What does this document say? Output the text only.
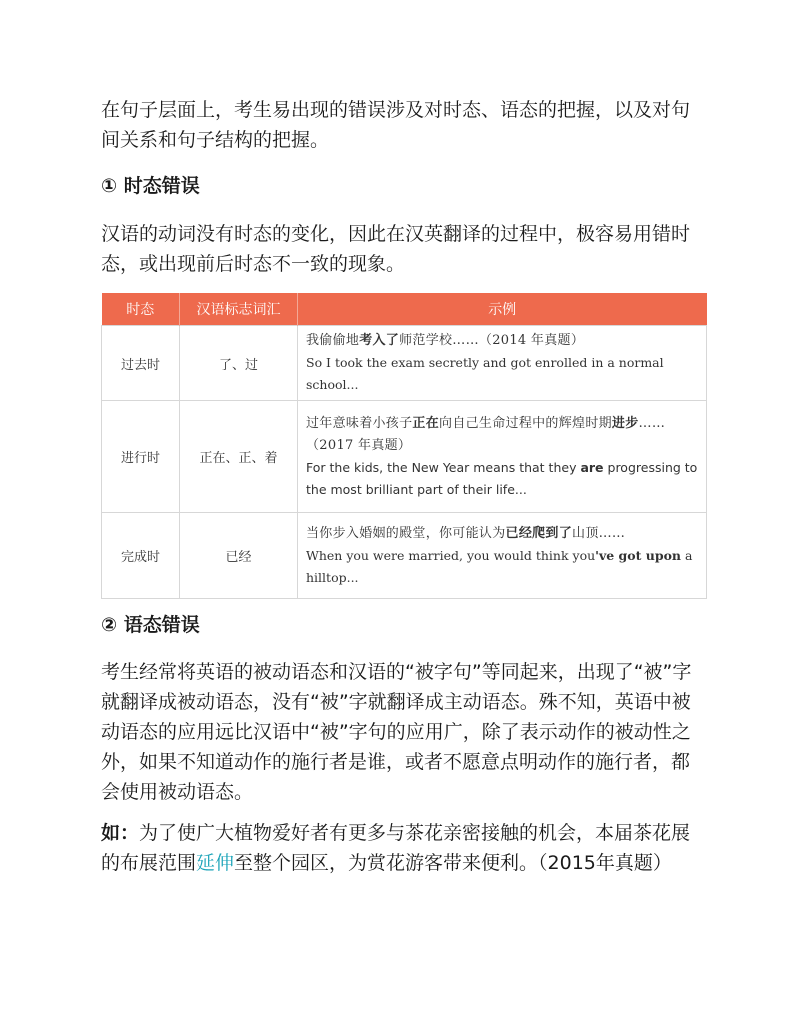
在句子层面上，考生易出现的错误涉及对时态、语态的把握，以及对句间关系和句子结构的把握。

① 时态错误

汉语的动词没有时态的变化，因此在汉英翻译的过程中，极容易用错时态，或出现前后时态不一致的现象。

时态	汉语标志词汇	示例
过去时	了、过	我偷偷地考入了师范学校……（2014 年真题）
So I took the exam secretly and got enrolled in a normal school...

进行时	正在、正、着	过年意味着小孩子正在向自己生命过程中的辉煌时期进步……（2017 年真题）
For the kids, the New Year means that they are progressing to the most brilliant part of their life...

完成时	已经	当你步入婚姻的殿堂，你可能认为已经爬到了山顶……
When you were married, you would think you've got upon a hilltop...

② 语态错误

考生经常将英语的被动语态和汉语的“被字句”等同起来，出现了“被”字就翻译成被动语态，没有“被”字就翻译成主动语态。殊不知，英语中被动语态的应用远比汉语中“被”字句的应用广，除了表示动作的被动性之外，如果不知道动作的施行者是谁，或者不愿意点明动作的施行者，都会使用被动语态。

如：为了使广大植物爱好者有更多与茶花亲密接触的机会，本届茶花展的布展范围延伸至整个园区，为赏花游客带来便利。（2015年真题）
